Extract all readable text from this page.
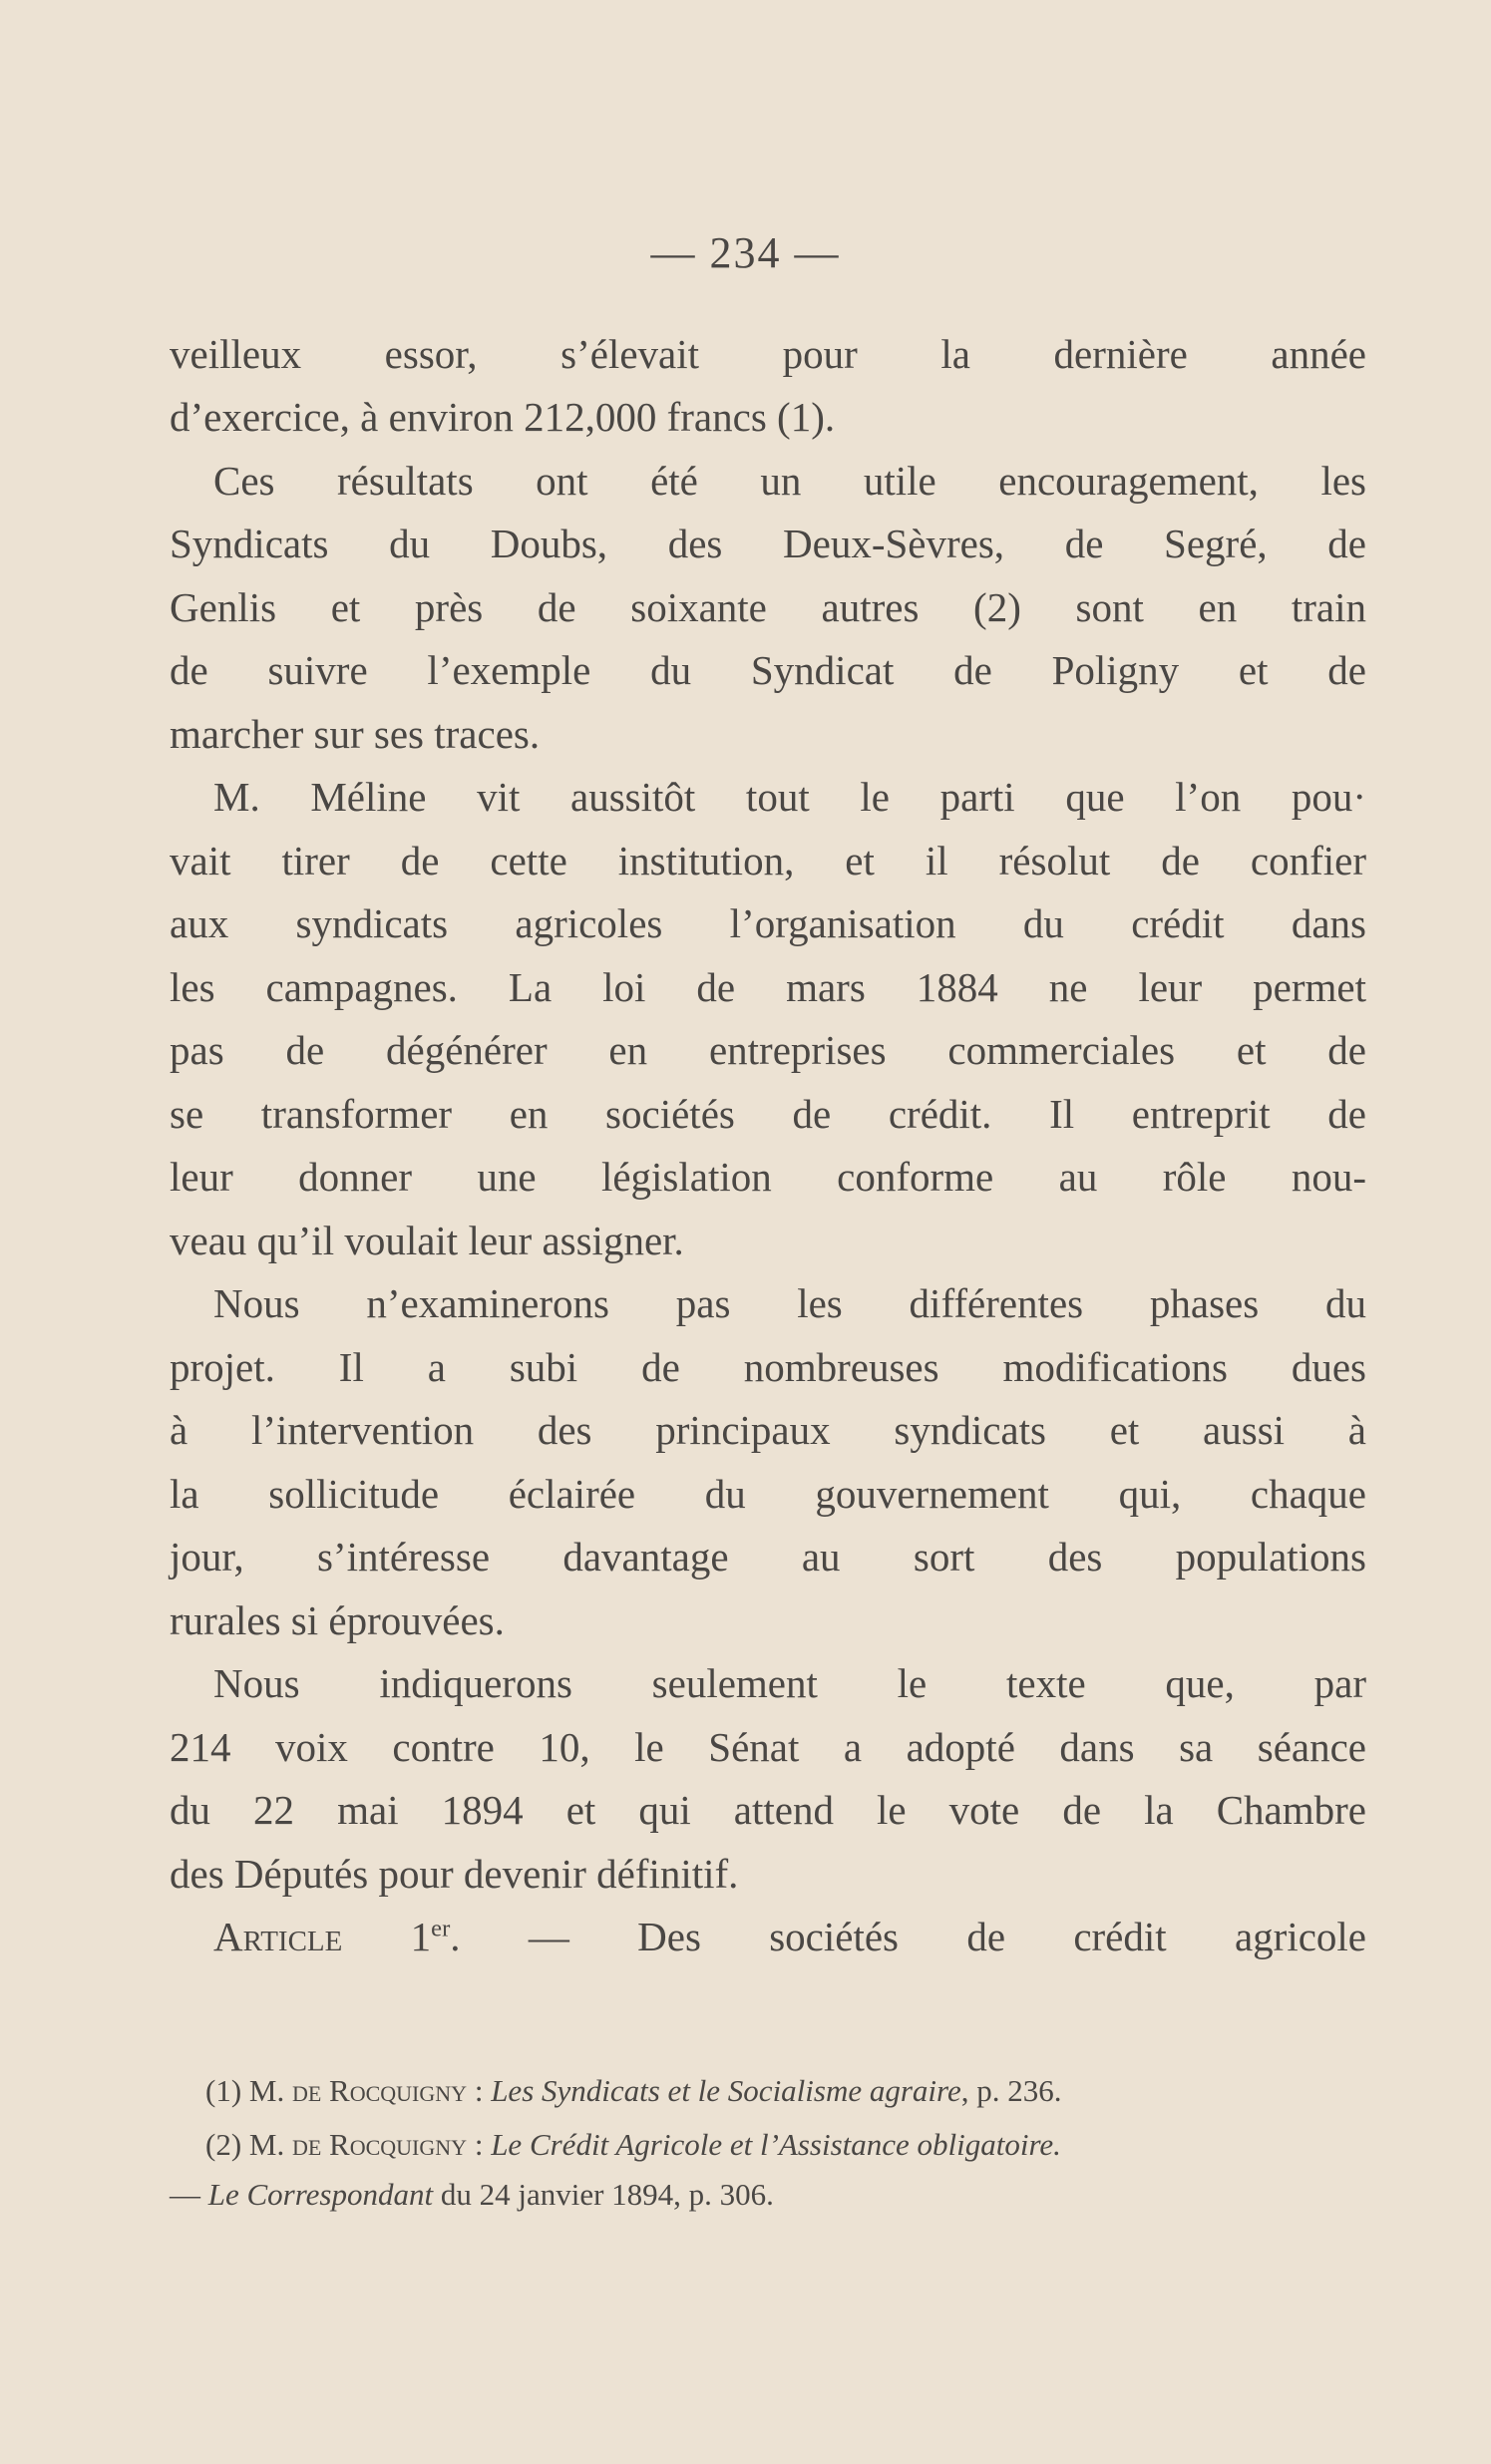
— 234 —
veilleux essor, s’élevait pour la dernière année
d’exercice, à environ 212,000 francs (1).
Ces résultats ont été un utile encouragement, les
Syndicats du Doubs, des Deux-Sèvres, de Segré, de
Genlis et près de soixante autres (2) sont en train
de suivre l’exemple du Syndicat de Poligny et de
marcher sur ses traces.
M. Méline vit aussitôt tout le parti que l’on pou·
vait tirer de cette institution, et il résolut de confier
aux syndicats agricoles l’organisation du crédit dans
les campagnes. La loi de mars 1884 ne leur permet
pas de dégénérer en entreprises commerciales et de
se transformer en sociétés de crédit. Il entreprit de
leur donner une législation conforme au rôle nou-
veau qu’il voulait leur assigner.
Nous n’examinerons pas les différentes phases du
projet. Il a subi de nombreuses modifications dues
à l’intervention des principaux syndicats et aussi à
la sollicitude éclairée du gouvernement qui, chaque
jour, s’intéresse davantage au sort des populations
rurales si éprouvées.
Nous indiquerons seulement le texte que, par
214 voix contre 10, le Sénat a adopté dans sa séance
du 22 mai 1894 et qui attend le vote de la Chambre
des Députés pour devenir définitif.
Article 1er. — Des sociétés de crédit agricole
(1) M. de Rocquigny : Les Syndicats et le Socialisme agraire, p. 236.
(2) M. de Rocquigny : Le Crédit Agricole et l’Assistance obligatoire.
— Le Correspondant du 24 janvier 1894, p. 306.
